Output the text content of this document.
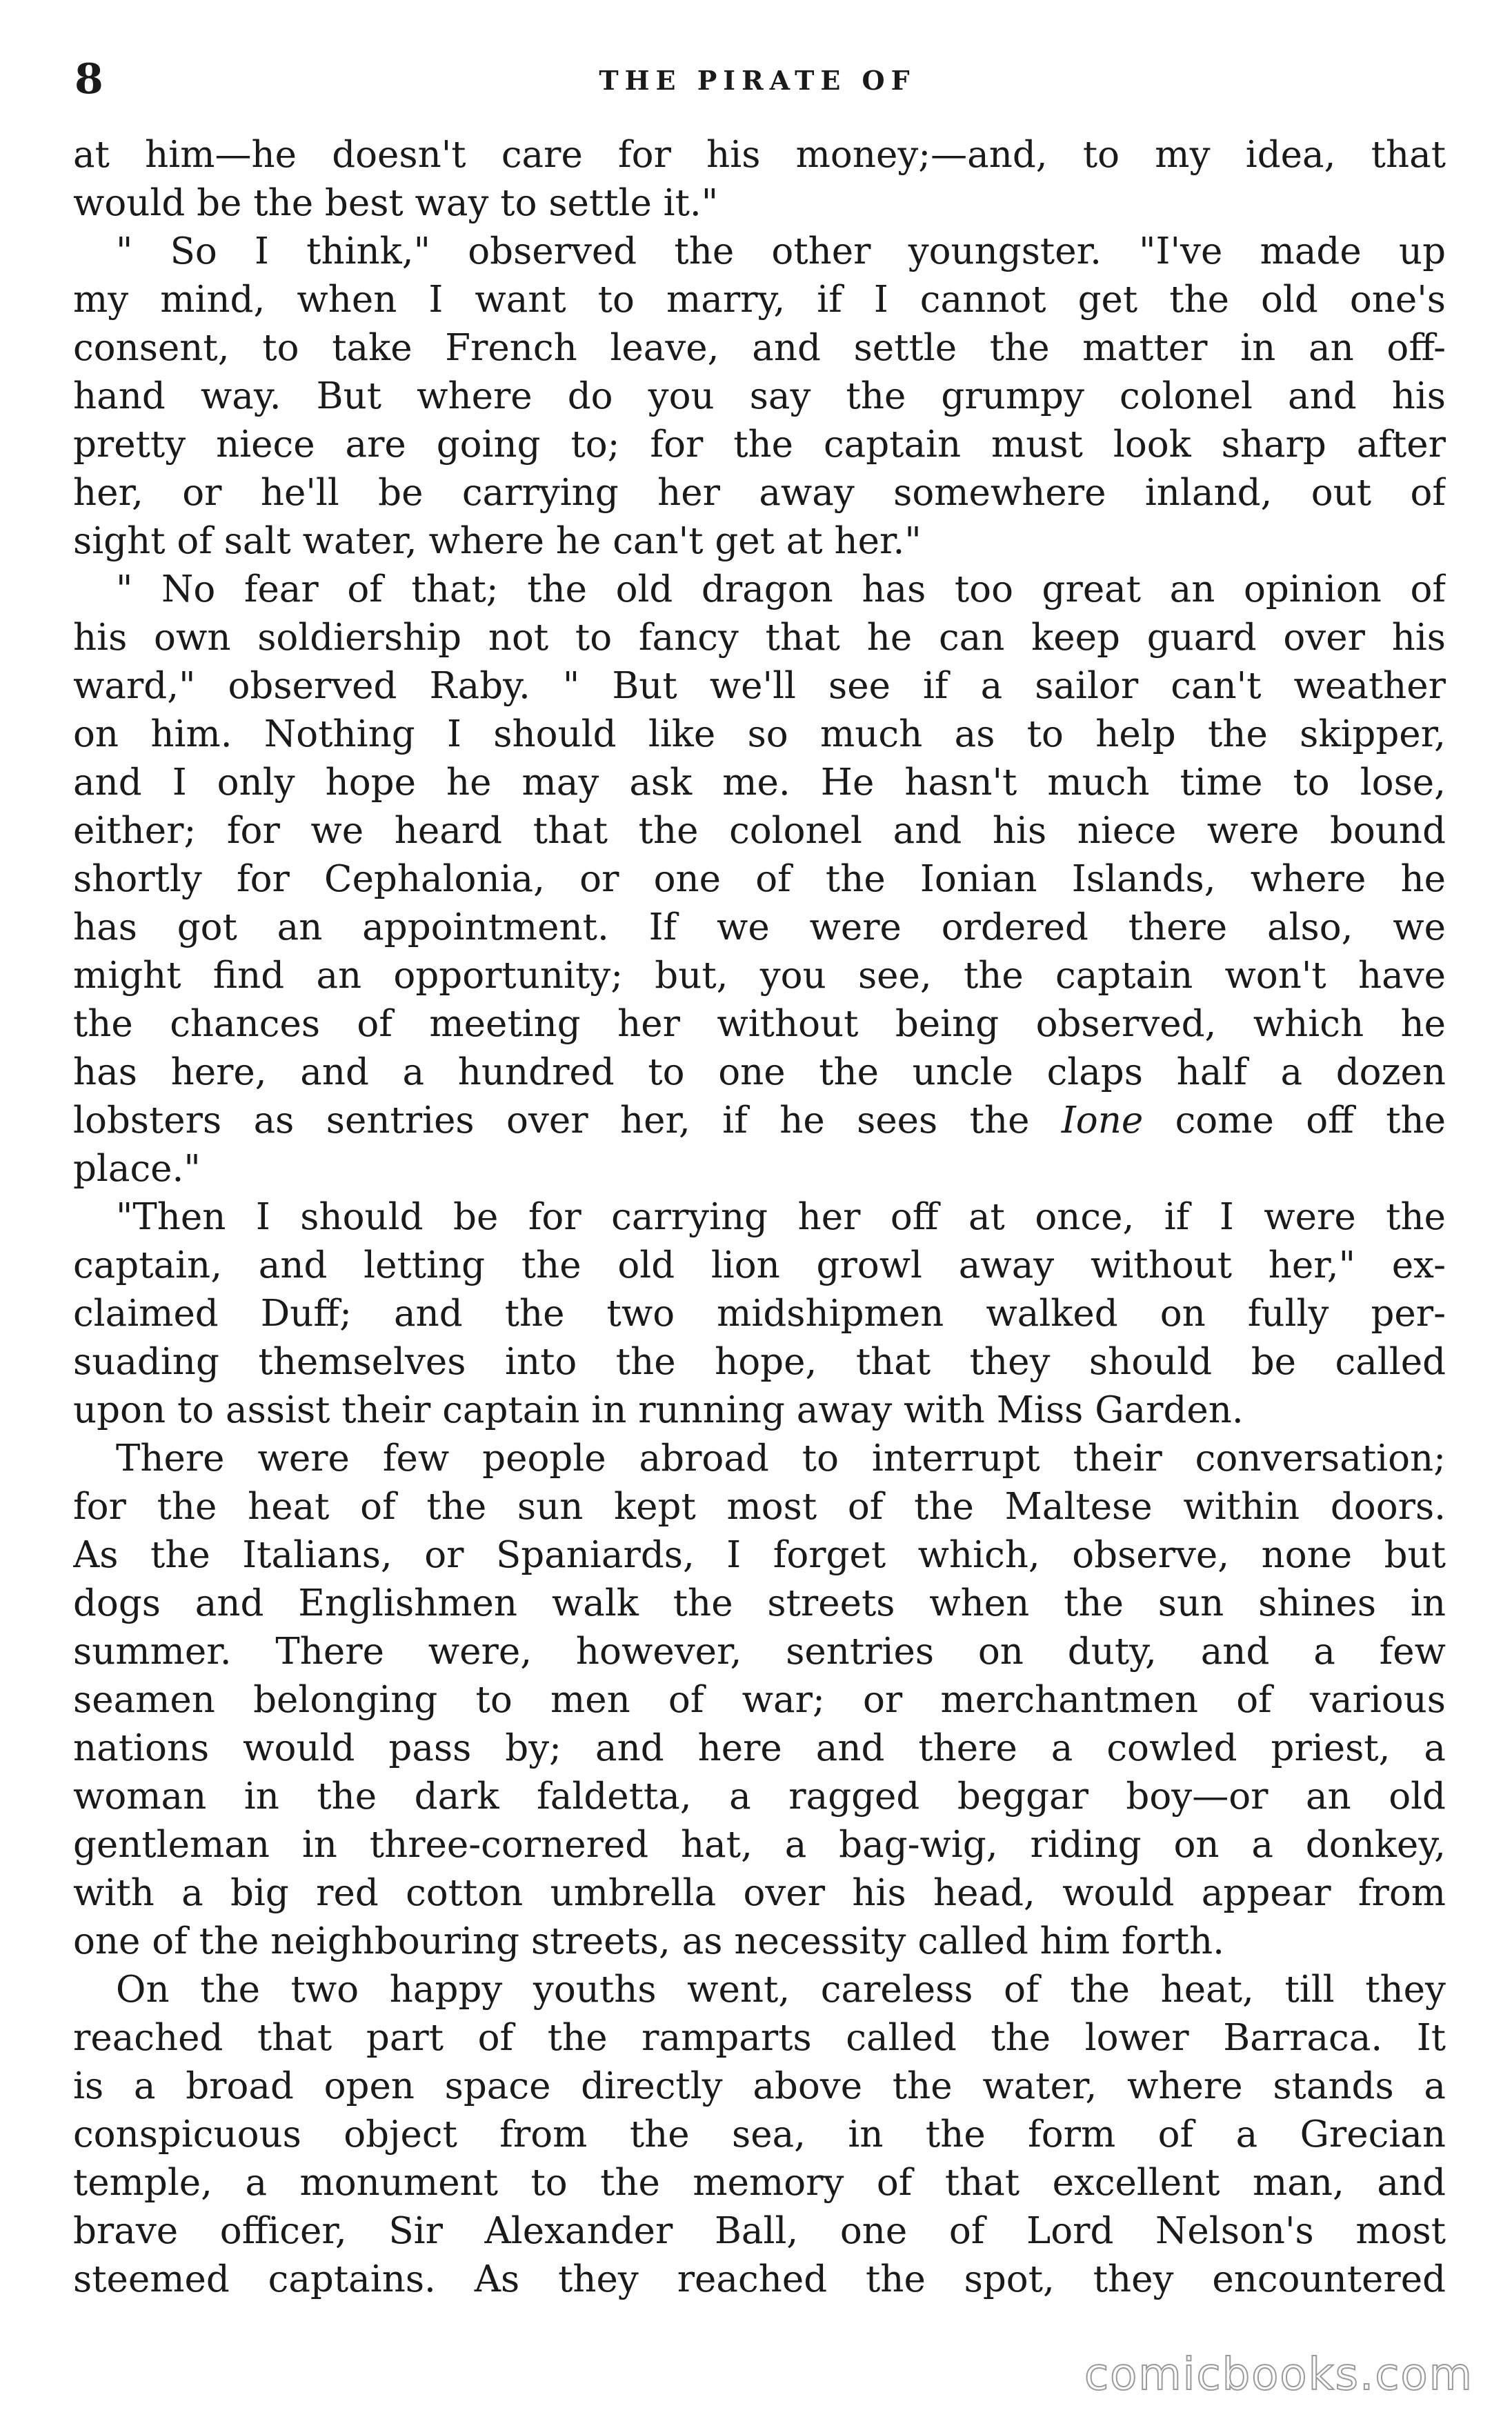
8	THE PIRATE OF
at him—he doesn't care for his money;—and, to my idea, that
would be the best way to settle it."
" So I think," observed the other youngster. "I've made up
my mind, when I want to marry, if I cannot get the old one's
consent, to take French leave, and settle the matter in an off-
hand way. But where do you say the grumpy colonel and his
pretty niece are going to; for the captain must look sharp after
her, or he'll be carrying her away somewhere inland, out of
sight of salt water, where he can't get at her."
" No fear of that; the old dragon has too great an opinion of
his own soldiership not to fancy that he can keep guard over his
ward," observed Raby. " But we'll see if a sailor can't weather
on him. Nothing I should like so much as to help the skipper,
and I only hope he may ask me. He hasn't much time to lose,
either; for we heard that the colonel and his niece were bound
shortly for Cephalonia, or one of the Ionian Islands, where he
has got an appointment. If we were ordered there also, we
might find an opportunity; but, you see, the captain won't have
the chances of meeting her without being observed, which he
has here, and a hundred to one the uncle claps half a dozen
lobsters as sentries over her, if he sees the Ione come off the
place."
"Then I should be for carrying her off at once, if I were the
captain, and letting the old lion growl away without her," ex-
claimed Duff; and the two midshipmen walked on fully per-
suading themselves into the hope, that they should be called
upon to assist their captain in running away with Miss Garden.
There were few people abroad to interrupt their conversation;
for the heat of the sun kept most of the Maltese within doors.
As the Italians, or Spaniards, I forget which, observe, none but
dogs and Englishmen walk the streets when the sun shines in
summer. There were, however, sentries on duty, and a few
seamen belonging to men of war; or merchantmen of various
nations would pass by; and here and there a cowled priest, a
woman in the dark faldetta, a ragged beggar boy—or an old
gentleman in three-cornered hat, a bag-wig, riding on a donkey,
with a big red cotton umbrella over his head, would appear from
one of the neighbouring streets, as necessity called him forth.
On the two happy youths went, careless of the heat, till they
reached that part of the ramparts called the lower Barraca. It
is a broad open space directly above the water, where stands a
conspicuous object from the sea, in the form of a Grecian
temple, a monument to the memory of that excellent man, and
brave officer, Sir Alexander Ball, one of Lord Nelson's most
steemed captains. As they reached the spot, they encountered
comicbooks.com
